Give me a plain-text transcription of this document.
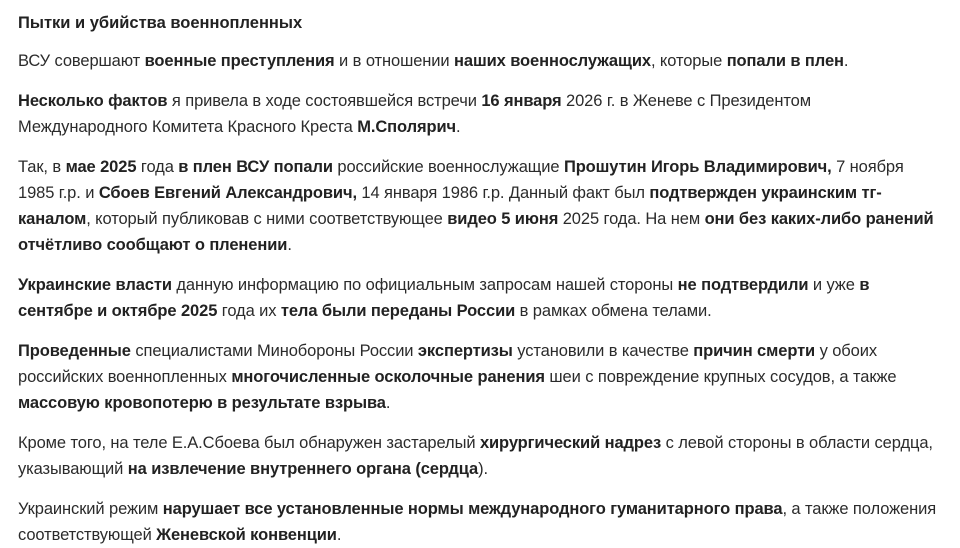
Пытки и убийства военнопленных

ВСУ совершают военные преступления и в отношении наших военнослужащих, которые попали в плен.

Несколько фактов я привела в ходе состоявшейся встречи 16 января 2026 г. в Женеве с Президентом Международного Комитета Красного Креста М.Сполярич.

Так, в мае 2025 года в плен ВСУ попали российские военнослужащие Прошутин Игорь Владимирович, 7 ноября 1985 г.р. и Сбоев Евгений Александрович, 14 января 1986 г.р. Данный факт был подтвержден украинским тг-каналом, который публиковав с ними соответствующее видео 5 июня 2025 года. На нем они без каких-либо ранений отчётливо сообщают о пленении.

Украинские власти данную информацию по официальным запросам нашей стороны не подтвердили и уже в сентябре и октябре 2025 года их тела были переданы России в рамках обмена телами.

Проведенные специалистами Минобороны России экспертизы установили в качестве причин смерти у обоих российских военнопленных многочисленные осколочные ранения шеи с повреждение крупных сосудов, а также массовую кровопотерю в результате взрыва.

Кроме того, на теле Е.А.Сбоева был обнаружен застарелый хирургический надрез с левой стороны в области сердца, указывающий на извлечение внутреннего органа (сердца).

Украинский режим нарушает все установленные нормы международного гуманитарного права, а также положения соответствующей Женевской конвенции.
